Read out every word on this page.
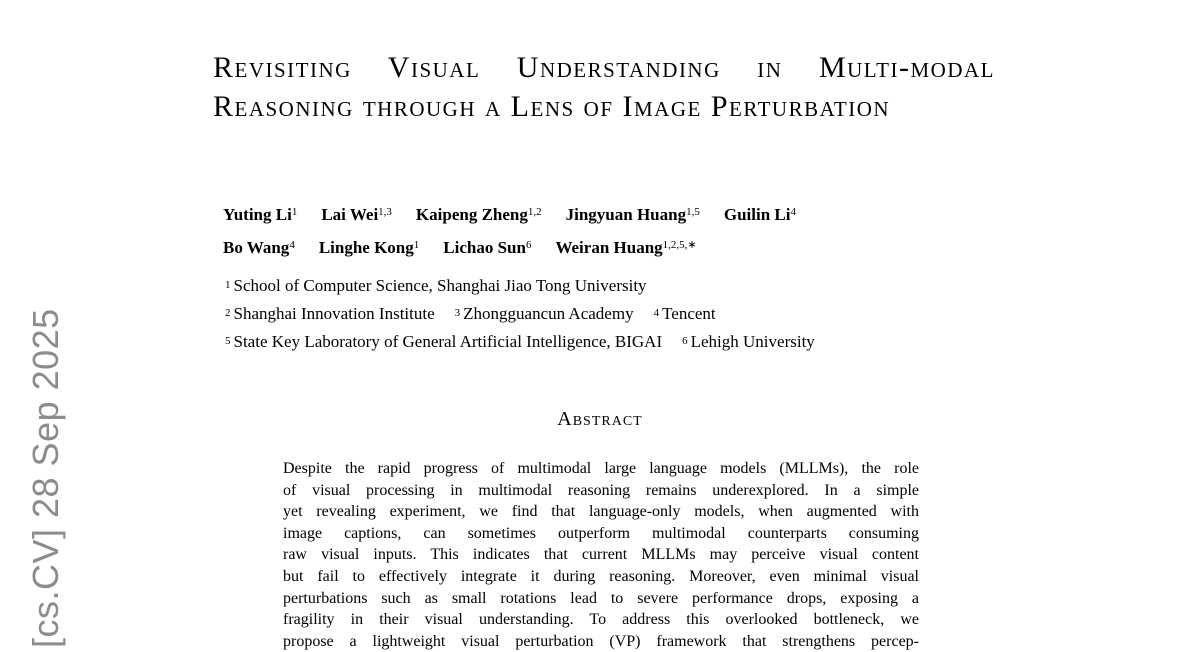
[cs.CV] 28 Sep 2025
Revisiting Visual Understanding in Multi-modal Reasoning through a Lens of Image Perturbation
Yuting Li$^1$ Lai Wei$^{1,3}$ Kaipeng Zheng$^{1,2}$ Jingyuan Huang$^{1,5}$ Guilin Li$^4$
Bo Wang$^4$ Linghe Kong$^1$ Lichao Sun$^6$ Weiran Huang$^{1,2,5,∗}$
$^1$ School of Computer Science, Shanghai Jiao Tong University
$^2$ Shanghai Innovation Institute $^3$ Zhongguancun Academy $^4$ Tencent
$^5$ State Key Laboratory of General Artificial Intelligence, BIGAI $^6$ Lehigh University
Abstract
Despite the rapid progress of multimodal large language models (MLLMs), the role
of visual processing in multimodal reasoning remains underexplored. In a simple
yet revealing experiment, we find that language-only models, when augmented with
image captions, can sometimes outperform multimodal counterparts consuming
raw visual inputs. This indicates that current MLLMs may perceive visual content
but fail to effectively integrate it during reasoning. Moreover, even minimal visual
perturbations such as small rotations lead to severe performance drops, exposing a
fragility in their visual understanding. To address this overlooked bottleneck, we
propose a lightweight visual perturbation (VP) framework that strengthens percep-
